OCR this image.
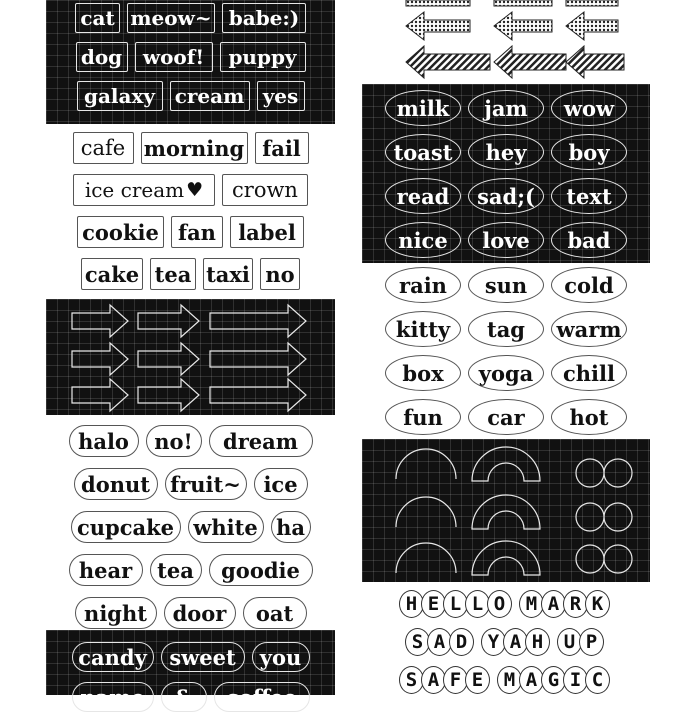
cat meow~ babe:)
dog	woof!	puppy
galaxy cream yes
cafe morning fail
ice cream ♥	crown
cookie fan	label
cake tea taxi no
halo	no!	dream
donut fruit~	ice
cupcake white ha
hear	tea	goodie
night	door	oat
candy	sweet	you
name	&	coffee
milk	jam	wow
toast	hey	boy
read	sad;(	text
nice	love	bad
rain	sun	cold
kitty	tag	warm
box	yoga	chill
fun	car	hot
H E L L O	M A R K
S A D	Y A H	U P
S A F E	M A G I C
